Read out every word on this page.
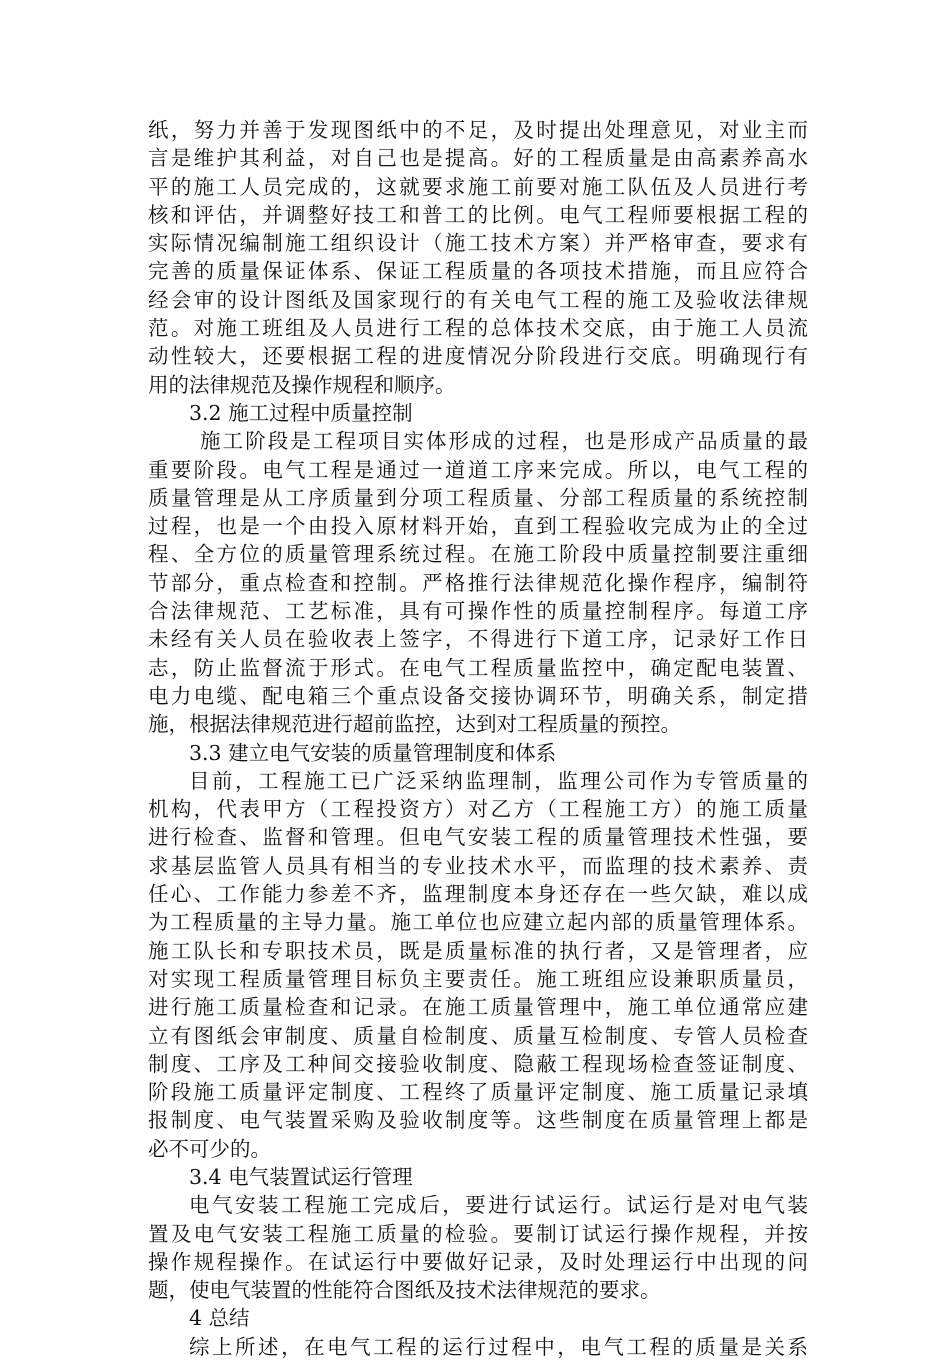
纸，努力并善于发现图纸中的不足，及时提出处理意见，对业主而
言是维护其利益，对自己也是提高。好的工程质量是由高素养高水
平的施工人员完成的，这就要求施工前要对施工队伍及人员进行考
核和评估，并调整好技工和普工的比例。电气工程师要根据工程的
实际情况编制施工组织设计（施工技术方案）并严格审查，要求有
完善的质量保证体系、保证工程质量的各项技术措施，而且应符合
经会审的设计图纸及国家现行的有关电气工程的施工及验收法律规
范。对施工班组及人员进行工程的总体技术交底，由于施工人员流
动性较大，还要根据工程的进度情况分阶段进行交底。明确现行有
用的法律规范及操作规程和顺序。
3.2 施工过程中质量控制
施工阶段是工程项目实体形成的过程，也是形成产品质量的最
重要阶段。电气工程是通过一道道工序来完成。所以，电气工程的
质量管理是从工序质量到分项工程质量、分部工程质量的系统控制
过程，也是一个由投入原材料开始，直到工程验收完成为止的全过
程、全方位的质量管理系统过程。在施工阶段中质量控制要注重细
节部分，重点检查和控制。严格推行法律规范化操作程序，编制符
合法律规范、工艺标准，具有可操作性的质量控制程序。每道工序
未经有关人员在验收表上签字，不得进行下道工序，记录好工作日
志，防止监督流于形式。在电气工程质量监控中，确定配电装置、
电力电缆、配电箱三个重点设备交接协调环节，明确关系，制定措
施，根据法律规范进行超前监控，达到对工程质量的预控。
3.3 建立电气安装的质量管理制度和体系
目前，工程施工已广泛采纳监理制，监理公司作为专管质量的
机构，代表甲方（工程投资方）对乙方（工程施工方）的施工质量
进行检查、监督和管理。但电气安装工程的质量管理技术性强，要
求基层监管人员具有相当的专业技术水平，而监理的技术素养、责
任心、工作能力参差不齐，监理制度本身还存在一些欠缺，难以成
为工程质量的主导力量。施工单位也应建立起内部的质量管理体系。
施工队长和专职技术员，既是质量标准的执行者，又是管理者，应
对实现工程质量管理目标负主要责任。施工班组应设兼职质量员，
进行施工质量检查和记录。在施工质量管理中，施工单位通常应建
立有图纸会审制度、质量自检制度、质量互检制度、专管人员检查
制度、工序及工种间交接验收制度、隐蔽工程现场检查签证制度、
阶段施工质量评定制度、工程终了质量评定制度、施工质量记录填
报制度、电气装置采购及验收制度等。这些制度在质量管理上都是
必不可少的。
3.4 电气装置试运行管理
电气安装工程施工完成后，要进行试运行。试运行是对电气装
置及电气安装工程施工质量的检验。要制订试运行操作规程，并按
操作规程操作。在试运行中要做好记录，及时处理运行中出现的问
题，使电气装置的性能符合图纸及技术法律规范的要求。
4 总结
综上所述，在电气工程的运行过程中，电气工程的质量是关系
